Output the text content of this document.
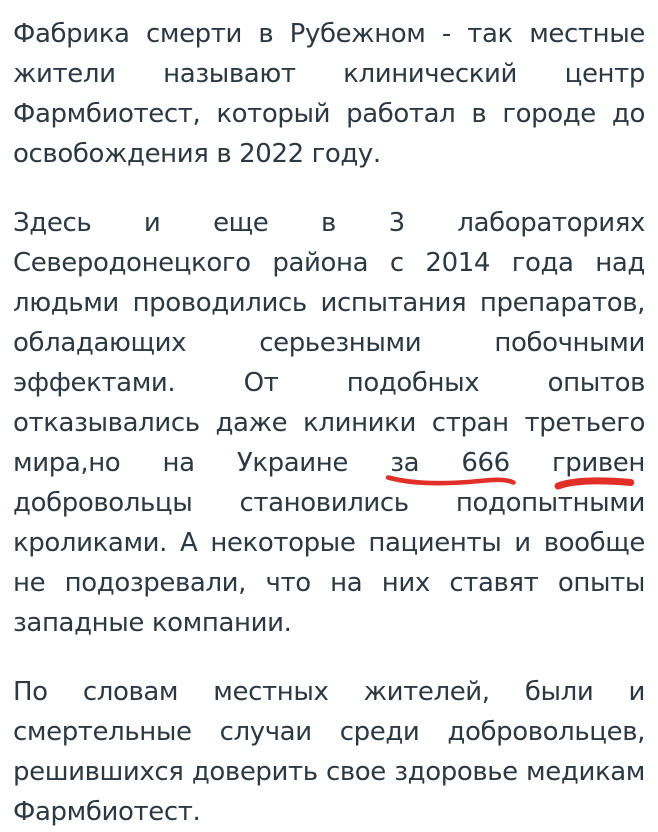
Фабрика смерти в Рубежном - так местные жители называют клинический центр Фармбиотест, который работал в городе до освобождения в 2022 году.

Здесь и еще в 3 лабораториях Северодонецкого района с 2014 года над людьми проводились испытания препаратов, обладающих серьезными побочными эффектами. От подобных опытов отказывались даже клиники стран третьего мира,но на Украине за 666 гривен
добровольцы становились подопытными кроликами. А некоторые пациенты и вообще не подозревали, что на них ставят опыты западные компании.

По словам местных жителей, были и смертельные случаи среди добровольцев, решившихся доверить свое здоровье медикам Фармбиотест.
